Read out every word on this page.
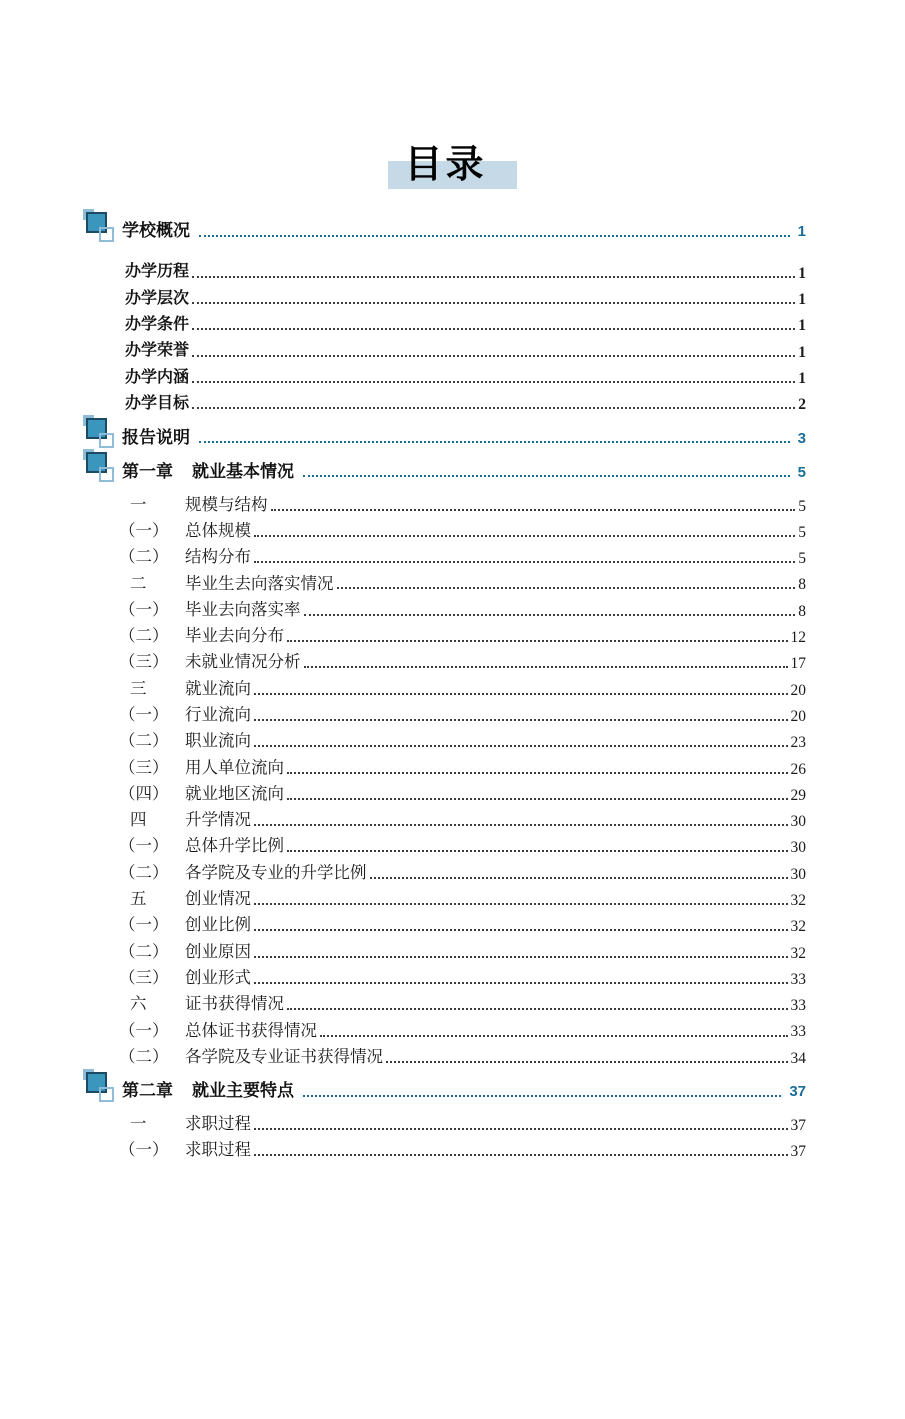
目录
学校概况	1
办学历程	1
办学层次	1
办学条件	1
办学荣誉	1
办学内涵	1
办学目标	2
报告说明	3
第一章 就业基本情况	5
一	规模与结构	5
（一）	总体规模	5
（二）	结构分布	5
二	毕业生去向落实情况	8
（一）	毕业去向落实率	8
（二）	毕业去向分布	12
（三）	未就业情况分析	17
三	就业流向	20
（一）	行业流向	20
（二）	职业流向	23
（三）	用人单位流向	26
（四）	就业地区流向	29
四	升学情况	30
（一）	总体升学比例	30
（二）	各学院及专业的升学比例	30
五	创业情况	32
（一）	创业比例	32
（二）	创业原因	32
（三）	创业形式	33
六	证书获得情况	33
（一）	总体证书获得情况	33
（二）	各学院及专业证书获得情况	34
第二章 就业主要特点	37
一	求职过程	37
（一）	求职过程	37
